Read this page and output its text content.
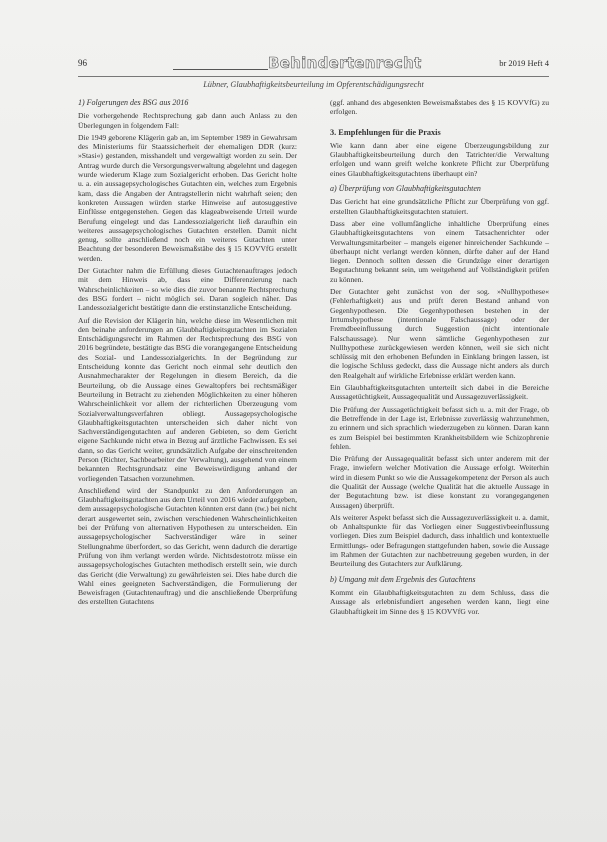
96	Behindertenrecht	br 2019 Heft 4
Lübner, Glaubhaftigkeitsbeurteilung im Opferentschädigungsrecht
1) Folgerungen des BSG aus 2016

Die vorhergehende Rechtsprechung gab dann auch Anlass zu den Überlegungen in folgendem Fall:

Die 1949 geborene Klägerin gab an, im September 1989 in Gewahrsam des Ministeriums für Staatssicherheit der ehemaligen DDR (kurz: »Stasi«) gestanden, misshandelt und vergewaltigt worden zu sein. Der Antrag wurde durch die Versorgungsverwaltung abgelehnt und dagegen wurde wiederum Klage zum Sozialgericht erhoben. Das Gericht holte u. a. ein aussagepsychologisches Gutachten ein, welches zum Ergebnis kam, dass die Angaben der Antragstellerin nicht wahrhaft seien; den konkreten Aussagen würden starke Hinweise auf autosuggestive Einflüsse entgegenstehen. Gegen das klageabweisende Urteil wurde Berufung eingelegt und das Landessozialgericht ließ daraufhin ein weiteres aussagepsychologisches Gutachten erstellen. Damit nicht genug, sollte anschließend noch ein weiteres Gutachten unter Beachtung der besonderen Beweismaßstäbe des § 15 KOVVfG erstellt werden.

Der Gutachter nahm die Erfüllung dieses Gutachtenauftrages jedoch mit dem Hinweis ab, dass eine Differenzierung nach Wahrscheinlichkeiten – so wie dies die zuvor benannte Rechtsprechung des BSG fordert – nicht möglich sei. Daran sogleich näher. Das Landessozialgericht bestätigte dann die erstinstanzliche Entscheidung.

Auf die Revision der Klägerin hin, welche diese im Wesentlichen mit den beinahe anforderungen an Glaubhaftigkeitsgutachten im Sozialen Entschädigungsrecht im Rahmen der Rechtsprechung des BSG von 2016 begründete, bestätigte das BSG die vorangegangene Entscheidung des Sozial- und Landessozialgerichts. In der Begründung zur Entscheidung konnte das Gericht noch einmal sehr deutlich den Ausnahmecharakter der Regelungen in diesem Bereich, da die Beurteilung, ob die Aussage eines Gewaltopfers bei rechtsmäßiger Beurteilung in Betracht zu ziehenden Möglichkeiten zu einer höheren Wahrscheinlichkeit vor allem der richterlichen Überzeugung vom Sozialverwaltungsverfahren obliegt. Aussagepsychologische Glaubhaftigkeitsgutachten unterscheiden sich daher nicht von Sachverständigengutachten auf anderen Gebieten, so dem Gericht eigene Sachkunde nicht etwa in Bezug auf ärztliche Fachwissen. Es sei dann, so das Gericht weiter, grundsätzlich Aufgabe der einschreitenden Person (Richter, Sachbearbeiter der Verwaltung), ausgehend von einem bekannten Rechtsgrundsatz eine Beweiswürdigung anhand der vorliegenden Tatsachen vorzunehmen.

Anschließend wird der Standpunkt zu den Anforderungen an Glaubhaftigkeitsgutachten aus dem Urteil von 2016 wieder aufgegeben, dem aussagepsychologische Gutachten könnten erst dann (tw.) bei nicht derart ausgewertet sein, zwischen verschiedenen Wahrscheinlichkeiten bei der Prüfung von alternativen Hypothesen zu unterscheiden. Ein aussagepsychologischer Sachverständiger wäre in seiner Stellungnahme überfordert, so das Gericht, wenn dadurch die derartige Prüfung von ihm verlangt werden würde. Nichtsdestotrotz müsse ein aussagepsychologisches Gutachten methodisch erstellt sein, wie durch das Gericht (die Verwaltung) zu gewährleisten sei. Dies habe durch die Wahl eines geeigneten Sachverständigen, die Formulierung der Beweisfragen (Gutachtenauftrag) und die anschließende Überprüfung des erstellten Gutachtens

(ggf. anhand des abgesenkten Beweismaßstabes des § 15 KOVVfG) zu erfolgen.

3. Empfehlungen für die Praxis

Wie kann dann aber eine eigene Überzeugungsbildung zur Glaubhaftigkeitsbeurteilung durch den Tatrichter/die Verwaltung erfolgen und wann greift welche konkrete Pflicht zur Überprüfung eines Glaubhaftigkeitsgutachtens überhaupt ein?

a) Überprüfung von Glaubhaftigkeitsgutachten

Das Gericht hat eine grundsätzliche Pflicht zur Überprüfung von ggf. erstellten Glaubhaftigkeitsgutachten statuiert.

Dass aber eine vollumfängliche inhaltliche Überprüfung eines Glaubhaftigkeitsgutachtens von einem Tatsachenrichter oder Verwaltungsmitarbeiter – mangels eigener hinreichender Sachkunde – überhaupt nicht verlangt werden können, dürfte daher auf der Hand liegen. Dennoch sollten dessen die Grundzüge einer derartigen Begutachtung bekannt sein, um weitgehend auf Vollständigkeit prüfen zu können.

Der Gutachter geht zunächst von der sog. »Nullhypothese« (Fehlerhaftigkeit) aus und prüft deren Bestand anhand von Gegenhypothesen. Die Gegenhypothesen bestehen in der Irrtumshypothese (intentionale Falschaussage) oder der Fremdbeeinflussung durch Suggestion (nicht intentionale Falschaussage). Nur wenn sämtliche Gegenhypothesen zur Nullhypothese zurückgewiesen werden können, weil sie sich nicht schlüssig mit den erhobenen Befunden in Einklang bringen lassen, ist die logische Schluss gedeckt, dass die Aussage nicht anders als durch den Realgehalt auf wirkliche Erlebnisse erklärt werden kann.

Ein Glaubhaftigkeitsgutachten unterteilt sich dabei in die Bereiche Aussagetüchtigkeit, Aussagequalität und Aussagezuverlässigkeit.

Die Prüfung der Aussagetüchtigkeit befasst sich u. a. mit der Frage, ob die Betreffende in der Lage ist, Erlebnisse zuverlässig wahrzunehmen, zu erinnern und sich sprachlich wiederzugeben zu können. Daran kann es zum Beispiel bei bestimmten Krankheitsbildern wie Schizophrenie fehlen.

Die Prüfung der Aussagequalität befasst sich unter anderem mit der Frage, inwiefern welcher Motivation die Aussage erfolgt. Weiterhin wird in diesem Punkt so wie die Aussagekompetenz der Person als auch die Qualität der Aussage (welche Qualität hat die aktuelle Aussage in der Begutachtung bzw. ist diese konstant zu vorangegangenen Aussagen) überprüft.

Als weiterer Aspekt befasst sich die Aussagezuverlässigkeit u. a. damit, ob Anhaltspunkte für das Vorliegen einer Suggestivbeeinflussung vorliegen. Dies zum Beispiel dadurch, dass inhaltlich und kontextuelle Ermittlungs- oder Befragungen stattgefunden haben, sowie die Aussage im Rahmen der Gutachten zur nachbetreuung gegeben wurden, in der Beurteilung des Gutachters zur Aufklärung.

b) Umgang mit dem Ergebnis des Gutachtens

Kommt ein Glaubhaftigkeitsgutachten zu dem Schluss, dass die Aussage als erlebnisfundiert angesehen werden kann, liegt eine Glaubhaftigkeit im Sinne des § 15 KOVVfG vor.
